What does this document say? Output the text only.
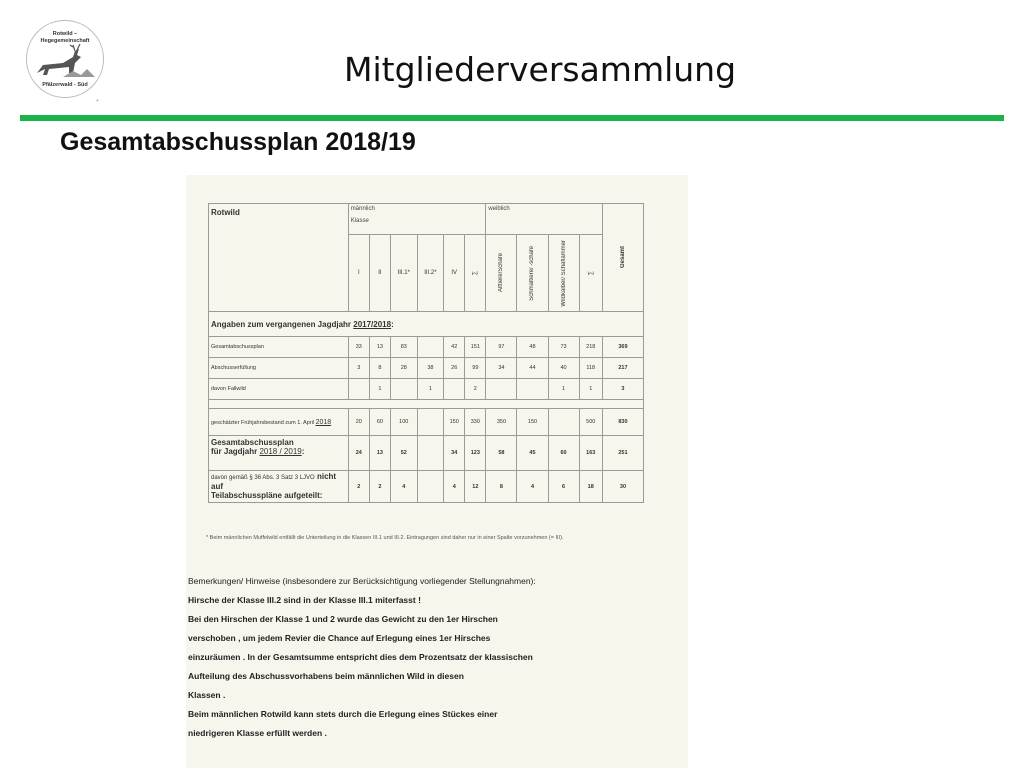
Rotwild –
Hegegemeinschaft
Pfälzerwald - Süd
•
Mitgliederversammlung
Gesamtabschussplan 2018/19
Rotwild	männlich
Klasse						weiblich				Gesamt

	I	II	III.1*	III.2*	IV	∑	Alttiere/Schafe	Schmaltiere/ -schafe	Wildkälber/ Schaflämmer	∑	

Angaben zum vergangenen Jagdjahr 2017/2018:											
Gesamtabschussplan	33	13	83		42	151	97	48	73	218	369
Abschusserfüllung	3	8	28	38	26	99	34	44	40	118	217
davon Fallwild		1		1		2			1	1	3

geschätzter Frühjahrsbestand zum 1. April 2018	20	60	100		150	330	350	150		500	830

Gesamtabschussplan
für Jagdjahr 2018 / 2019:	24	13	52		34	123	58	45	60	163	251
davon gemäß § 36 Abs. 3 Satz 3 LJVO nicht auf
Teilabschusspläne aufgeteilt:	2	2	4		4	12	8	4	6	18	30
* Beim männlichen Muffelwild entfällt die Unterteilung in die Klassen III.1 und III.2. Eintragungen sind daher nur in einer Spalte vorzunehmen (= III).
Bemerkungen/ Hinweise (insbesondere zur Berücksichtigung vorliegender Stellungnahmen):
Hirsche der Klasse III.2 sind in der Klasse III.1 miterfasst !
Bei den Hirschen der Klasse 1 und 2 wurde das Gewicht zu den 1er Hirschen
verschoben , um jedem Revier die Chance auf Erlegung eines 1er Hirsches
einzuräumen . In der Gesamtsumme entspricht dies dem Prozentsatz der klassischen
Aufteilung des Abschussvorhabens beim männlichen Wild in diesen
Klassen .
Beim männlichen Rotwild kann stets durch die Erlegung eines Stückes einer
niedrigeren Klasse erfüllt werden .
